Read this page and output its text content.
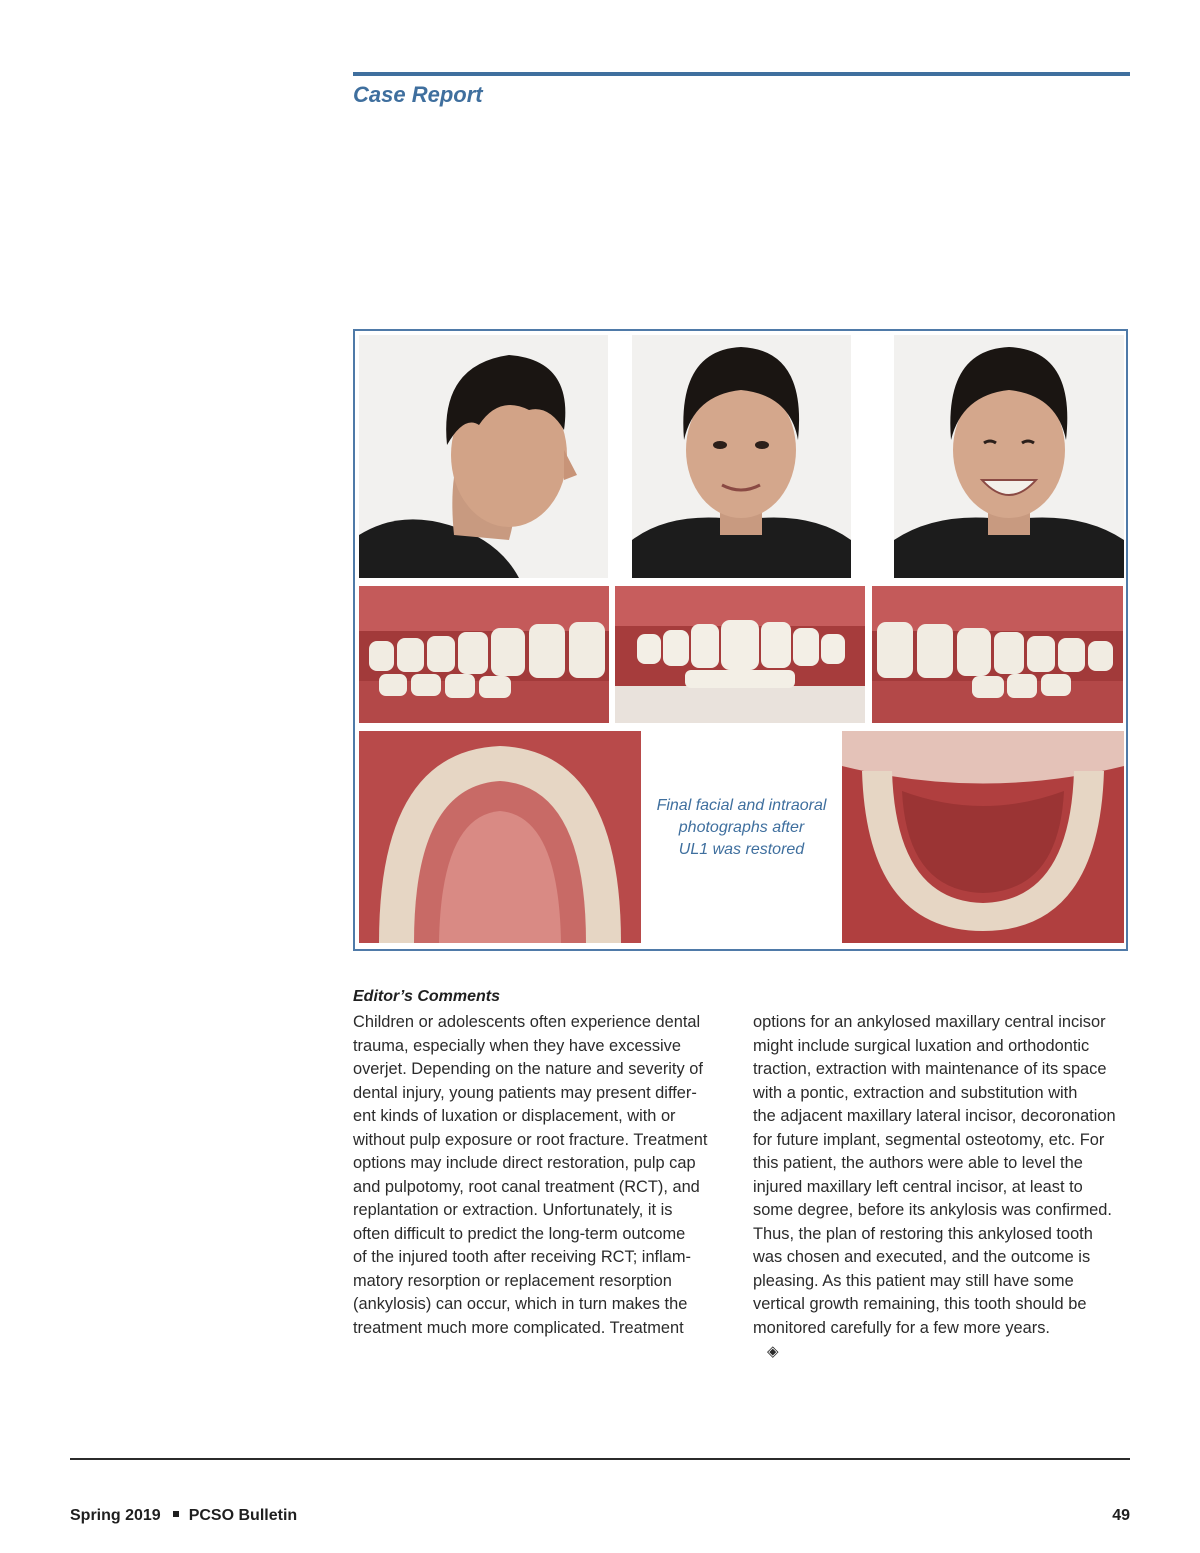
Case Report
Final facial and intraoral
photographs after
UL1 was restored
Editor’s Comments
Children or adolescents often experience dental
trauma, especially when they have excessive
overjet. Depending on the nature and severity of
dental injury, young patients may present differ-
ent kinds of luxation or displacement, with or
without pulp exposure or root fracture. Treatment
options may include direct restoration, pulp cap
and pulpotomy, root canal treatment (RCT), and
replantation or extraction. Unfortunately, it is
often difficult to predict the long-term outcome
of the injured tooth after receiving RCT; inflam-
matory resorption or replacement resorption
(ankylosis) can occur, which in turn makes the
treatment much more complicated. Treatment
options for an ankylosed maxillary central incisor
might include surgical luxation and orthodontic
traction, extraction with maintenance of its space
with a pontic, extraction and substitution with
the adjacent maxillary lateral incisor, decoronation
for future implant, segmental osteotomy, etc. For
this patient, the authors were able to level the
injured maxillary left central incisor, at least to
some degree, before its ankylosis was confirmed.
Thus, the plan of restoring this ankylosed tooth
was chosen and executed, and the outcome is
pleasing. As this patient may still have some
vertical growth remaining, this tooth should be
monitored carefully for a few more years.
◈
Spring 2019 PCSO Bulletin	49
